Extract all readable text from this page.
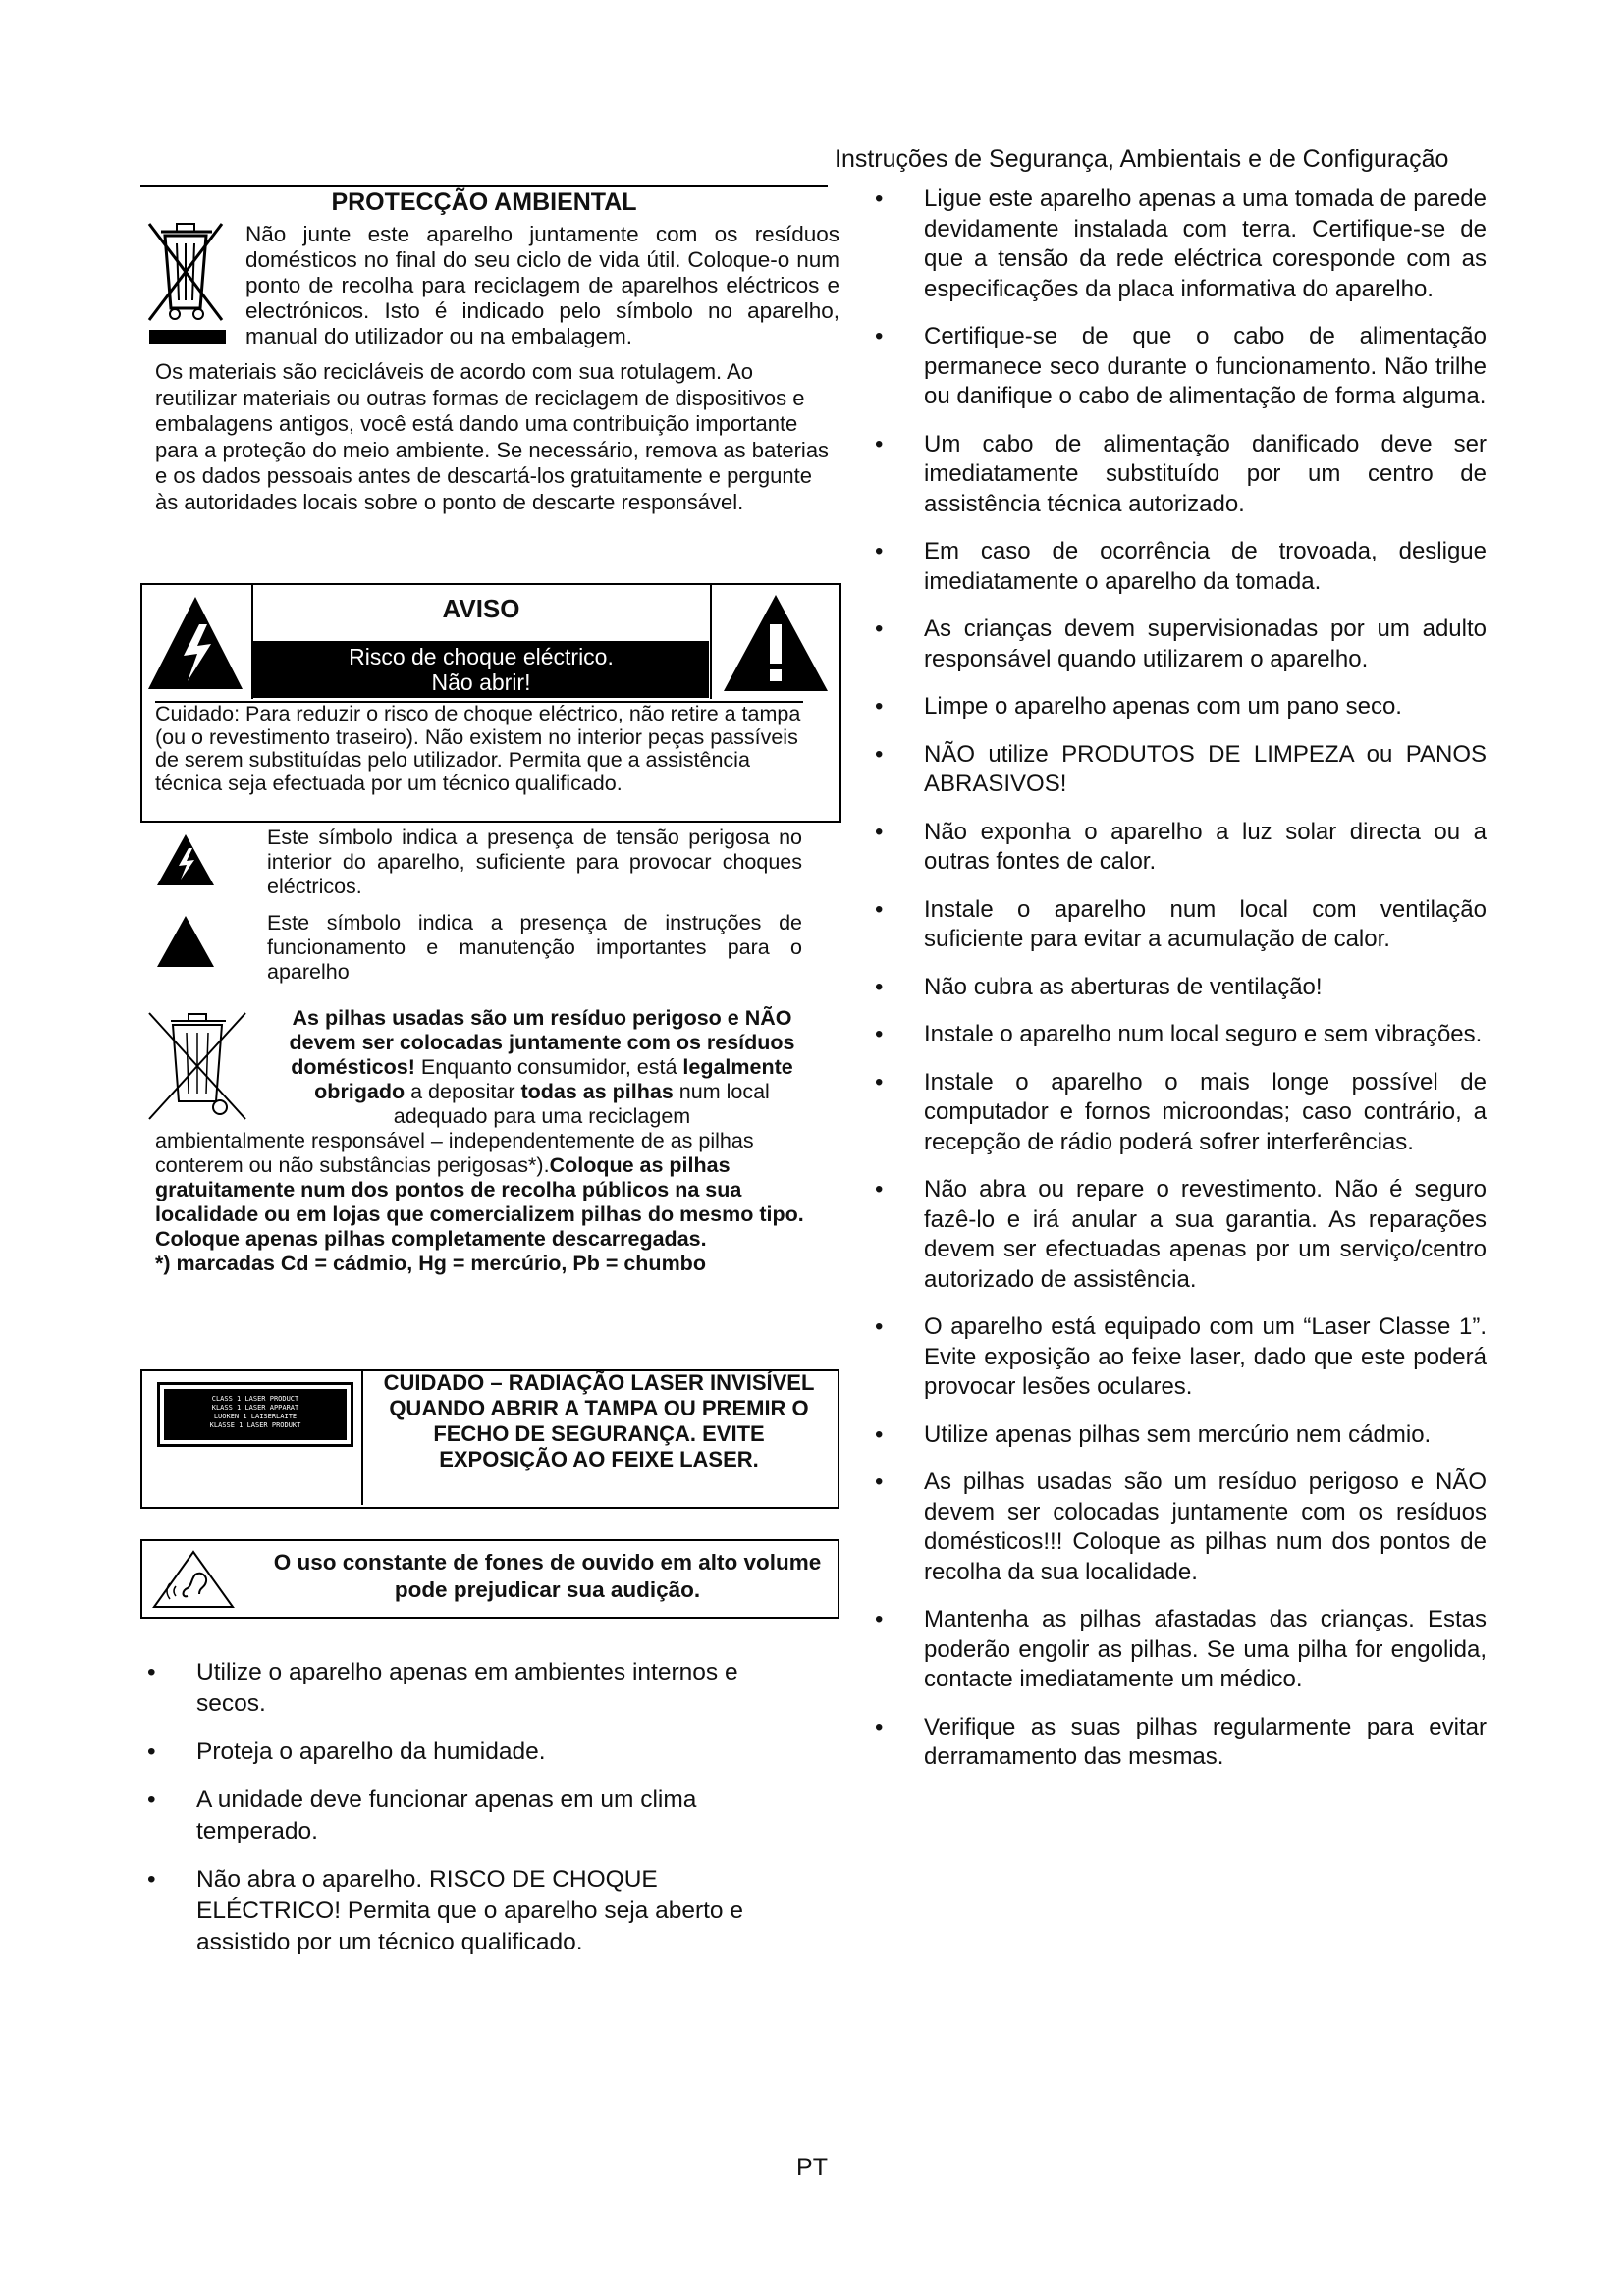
Instruções de Segurança, Ambientais e de Configuração
PROTECÇÃO AMBIENTAL
Não junte este aparelho juntamente com os resíduos domésticos no final do seu ciclo de vida útil. Coloque-o num ponto de recolha para reciclagem de aparelhos eléctricos e electrónicos. Isto é indicado pelo símbolo no aparelho, manual do utilizador ou na embalagem.
Os materiais são recicláveis de acordo com sua rotulagem. Ao reutilizar materiais ou outras formas de reciclagem de dispositivos e embalagens antigos, você está dando uma contribuição importante para a proteção do meio ambiente. Se necessário, remova as baterias e os dados pessoais antes de descartá-los gratuitamente e pergunte às autoridades locais sobre o ponto de descarte responsável.
AVISO
Risco de choque eléctrico.
Não abrir!
Cuidado: Para reduzir o risco de choque eléctrico, não retire a tampa (ou o revestimento traseiro). Não existem no interior peças passíveis de serem substituídas pelo utilizador. Permita que a assistência técnica seja efectuada por um técnico qualificado.
Este símbolo indica a presença de tensão perigosa no interior do aparelho, suficiente para provocar choques eléctricos.
Este símbolo indica a presença de instruções de funcionamento e manutenção importantes para o aparelho
As pilhas usadas são um resíduo perigoso e NÃO devem ser colocadas juntamente com os resíduos domésticos! Enquanto consumidor, está legalmente obrigado a depositar todas as pilhas num local adequado para uma reciclagem
ambientalmente responsável – independentemente de as pilhas conterem ou não substâncias perigosas*).Coloque as pilhas gratuitamente num dos pontos de recolha públicos na sua localidade ou em lojas que comercializem pilhas do mesmo tipo.
Coloque apenas pilhas completamente descarregadas.
*) marcadas Cd = cádmio, Hg = mercúrio, Pb = chumbo
CLASS 1 LASER PRODUCT
KLASS 1 LASER APPARAT
LUOKEN 1 LAISERLAITE
KLASSE 1 LASER PRODUKT
CUIDADO – RADIAÇÃO LASER INVISÍVEL QUANDO ABRIR A TAMPA OU PREMIR O FECHO DE SEGURANÇA. EVITE EXPOSIÇÃO AO FEIXE LASER.
O uso constante de fones de ouvido em alto volume pode prejudicar sua audição.
• Utilize o aparelho apenas em ambientes internos e secos.
• Proteja o aparelho da humidade.
• A unidade deve funcionar apenas em um clima temperado.
• Não abra o aparelho. RISCO DE CHOQUE ELÉCTRICO! Permita que o aparelho seja aberto e assistido por um técnico qualificado.
• Ligue este aparelho apenas a uma tomada de parede devidamente instalada com terra. Certifique-se de que a tensão da rede eléctrica coresponde com as especificações da placa informativa do aparelho.
• Certifique-se de que o cabo de alimentação permanece seco durante o funcionamento. Não trilhe ou danifique o cabo de alimentação de forma alguma.
• Um cabo de alimentação danificado deve ser imediatamente substituído por um centro de assistência técnica autorizado.
• Em caso de ocorrência de trovoada, desligue imediatamente o aparelho da tomada.
• As crianças devem supervisionadas por um adulto responsável quando utilizarem o aparelho.
• Limpe o aparelho apenas com um pano seco.
• NÃO utilize PRODUTOS DE LIMPEZA ou PANOS ABRASIVOS!
• Não exponha o aparelho a luz solar directa ou a outras fontes de calor.
• Instale o aparelho num local com ventilação suficiente para evitar a acumulação de calor.
• Não cubra as aberturas de ventilação!
• Instale o aparelho num local seguro e sem vibrações.
• Instale o aparelho o mais longe possível de computador e fornos microondas; caso contrário, a recepção de rádio poderá sofrer interferências.
• Não abra ou repare o revestimento. Não é seguro fazê-lo e irá anular a sua garantia. As reparações devem ser efectuadas apenas por um serviço/centro autorizado de assistência.
• O aparelho está equipado com um “Laser Classe 1”. Evite exposição ao feixe laser, dado que este poderá provocar lesões oculares.
• Utilize apenas pilhas sem mercúrio nem cádmio.
• As pilhas usadas são um resíduo perigoso e NÃO devem ser colocadas juntamente com os resíduos domésticos!!! Coloque as pilhas num dos pontos de recolha da sua localidade.
• Mantenha as pilhas afastadas das crianças. Estas poderão engolir as pilhas. Se uma pilha for engolida, contacte imediatamente um médico.
• Verifique as suas pilhas regularmente para evitar derramamento das mesmas.
PT
